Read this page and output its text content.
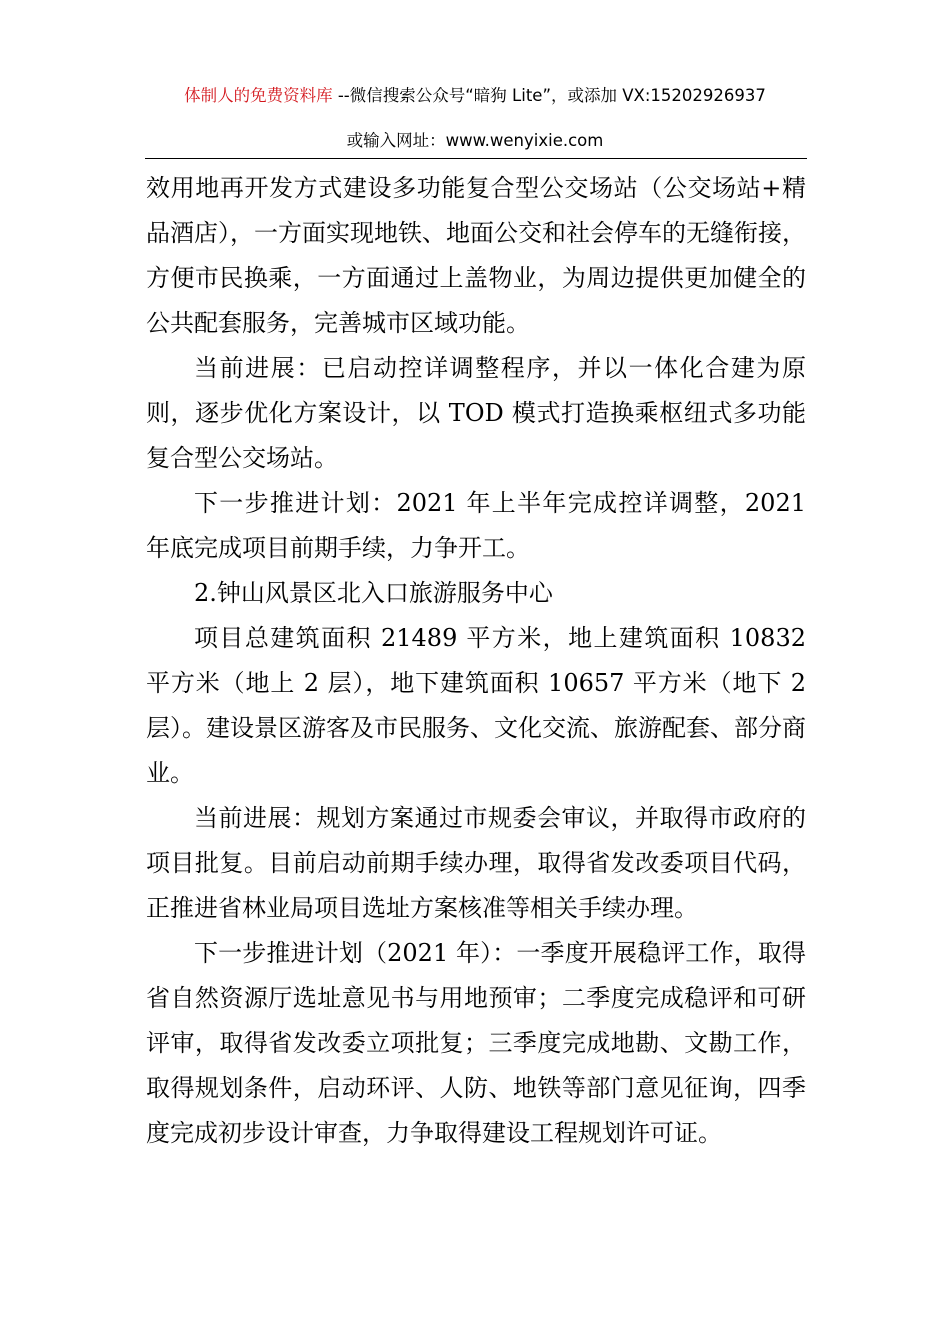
体制人的免费资料库 --微信搜索公众号“暗狗 Lite”，或添加 VX:15202926937
或输入网址：www.wenyixie.com

效用地再开发方式建设多功能复合型公交场站（公交场站+精品酒店），一方面实现地铁、地面公交和社会停车的无缝衔接，方便市民换乘，一方面通过上盖物业，为周边提供更加健全的公共配套服务，完善城市区域功能。

当前进展：已启动控详调整程序，并以一体化合建为原则，逐步优化方案设计，以 TOD 模式打造换乘枢纽式多功能复合型公交场站。

下一步推进计划：2021 年上半年完成控详调整，2021 年底完成项目前期手续，力争开工。

2.钟山风景区北入口旅游服务中心

项目总建筑面积 21489 平方米，地上建筑面积 10832 平方米（地上 2 层），地下建筑面积 10657 平方米（地下 2 层）。建设景区游客及市民服务、文化交流、旅游配套、部分商业。

当前进展：规划方案通过市规委会审议，并取得市政府的项目批复。目前启动前期手续办理，取得省发改委项目代码，正推进省林业局项目选址方案核准等相关手续办理。

下一步推进计划（2021 年）：一季度开展稳评工作，取得省自然资源厅选址意见书与用地预审；二季度完成稳评和可研评审，取得省发改委立项批复；三季度完成地勘、文勘工作，取得规划条件，启动环评、人防、地铁等部门意见征询，四季度完成初步设计审查，力争取得建设工程规划许可证。
